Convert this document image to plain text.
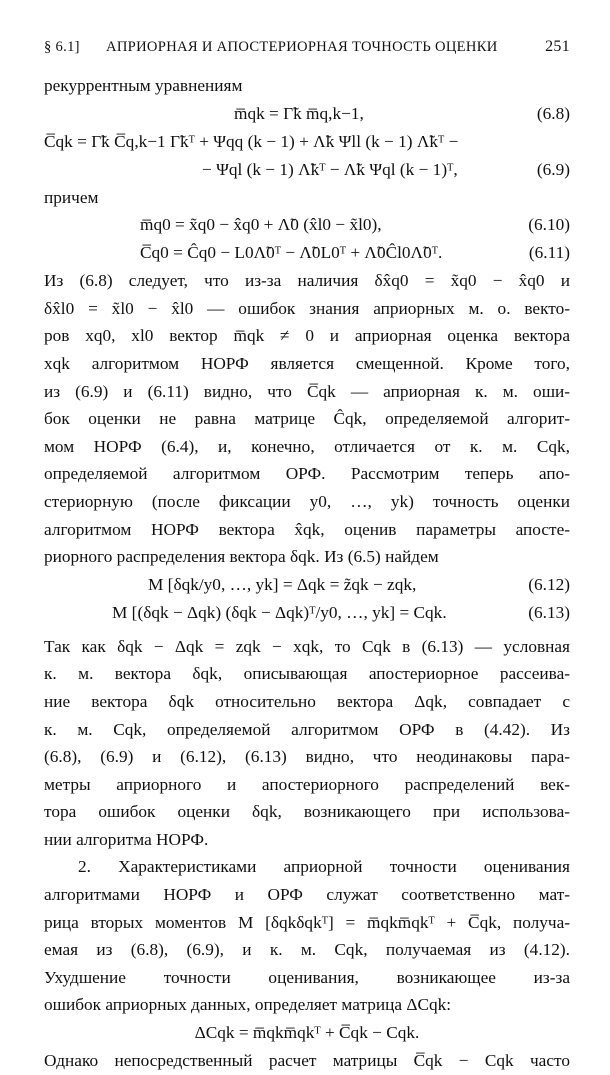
§ 6.1]	АПРИОРНАЯ И АПОСТЕРИОРНАЯ ТОЧНОСТЬ ОЦЕНКИ	251
рекуррентным уравнениям
m̅qk = Γ̃k m̅q,k−1,	(6.8)
C̅qk = Γ̃k C̅q,k−1 Γ̃kᵀ + Ψqq (k − 1) + Λ̃k Ψll (k − 1) Λ̃kᵀ −
− Ψql (k − 1) Λ̃kᵀ − Λ̃k Ψql (k − 1)ᵀ,	(6.9)
причем
m̅q0 = x̃q0 − x̂q0 + Λ̃0 (x̂l0 − x̃l0),	(6.10)
C̅q0 = Ĉq0 − L0Λ̃0ᵀ − Λ̃0L0ᵀ + Λ̃0Ĉl0Λ̃0ᵀ.	(6.11)
Из (6.8) следует, что из-за наличия δx̂q0 = x̃q0 − x̂q0 и
δx̂l0 = x̃l0 − x̂l0 — ошибок знания априорных м. о. векто-
ров xq0, xl0 вектор m̅qk ≠ 0 и априорная оценка вектора
xqk алгоритмом НОРФ является смещенной. Кроме того,
из (6.9) и (6.11) видно, что C̅qk — априорная к. м. оши-
бок оценки не равна матрице Ĉqk, определяемой алгорит-
мом НОРФ (6.4), и, конечно, отличается от к. м. Cqk,
определяемой алгоритмом ОРФ. Рассмотрим теперь апо-
стериорную (после фиксации y0, …, yk) точность оценки
алгоритмом НОРФ вектора x̂qk, оценив параметры апосте-
риорного распределения вектора δqk. Из (6.5) найдем
M [δqk/y0, …, yk] = Δqk = z̃qk − zqk,	(6.12)
M [(δqk − Δqk) (δqk − Δqk)ᵀ/y0, …, yk] = Cqk.	(6.13)
Так как δqk − Δqk = zqk − xqk, то Cqk в (6.13) — условная
к. м. вектора δqk, описывающая апостериорное рассеива-
ние вектора δqk относительно вектора Δqk, совпадает с
к. м. Cqk, определяемой алгоритмом ОРФ в (4.42). Из
(6.8), (6.9) и (6.12), (6.13) видно, что неодинаковы пара-
метры априорного и апостериорного распределений век-
тора ошибок оценки δqk, возникающего при использова-
нии алгоритма НОРФ.
2. Характеристиками априорной точности оценивания
алгоритмами НОРФ и ОРФ служат соответственно мат-
рица вторых моментов M [δqkδqkᵀ] = m̅qkm̅qkᵀ + C̅qk, получа-
емая из (6.8), (6.9), и к. м. Cqk, получаемая из (4.12).
Ухудшение точности оценивания, возникающее из-за
ошибок априорных данных, определяет матрица ΔCqk:
ΔCqk = m̅qkm̅qkᵀ + C̅qk − Cqk.
Однако непосредственный расчет матрицы C̅qk − Cqk часто
